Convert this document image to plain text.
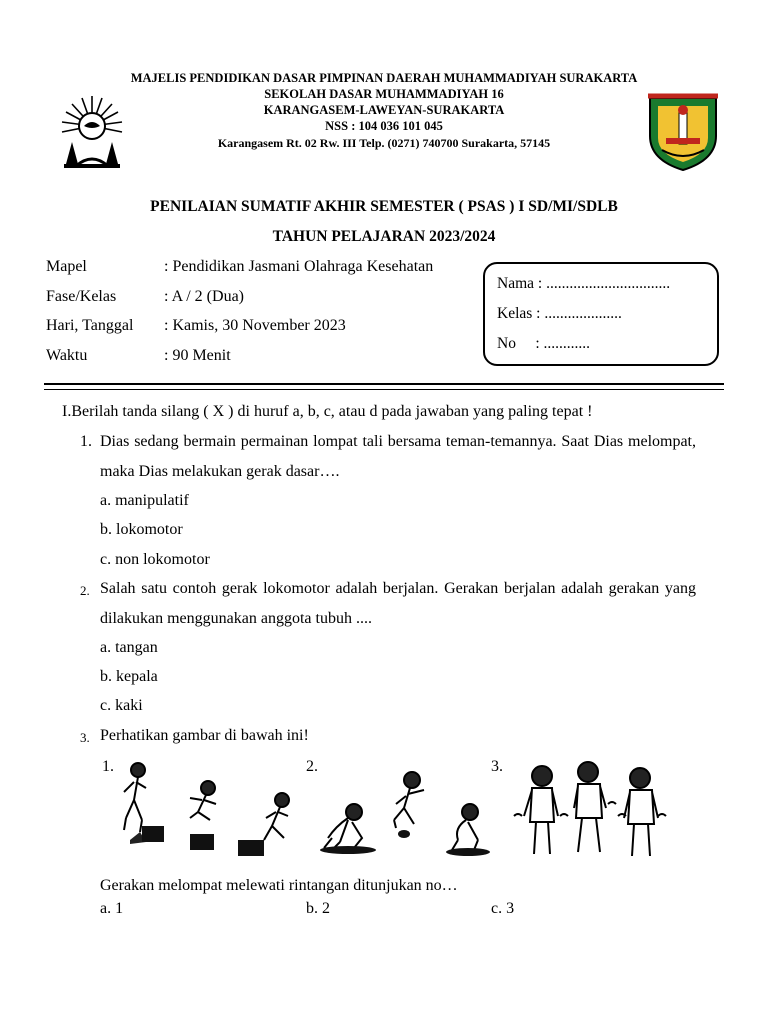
MAJELIS PENDIDIKAN DASAR PIMPINAN DAERAH MUHAMMADIYAH SURAKARTA
SEKOLAH DASAR MUHAMMADIYAH 16
KARANGASEM-LAWEYAN-SURAKARTA
NSS : 104 036 101 045
Karangasem Rt. 02 Rw. III Telp. (0271) 740700 Surakarta, 57145
PENILAIAN SUMATIF AKHIR SEMESTER ( PSAS ) I SD/MI/SDLB
TAHUN PELAJARAN 2023/2024
Mapel	: Pendidikan Jasmani Olahraga Kesehatan
Fase/Kelas	: A / 2 (Dua)
Hari, Tanggal	: Kamis, 30 November 2023
Waktu	: 90 Menit
Nama : ................................
Kelas : ....................
No     : ............
I.Berilah tanda silang ( X ) di huruf a, b, c, atau d pada jawaban yang paling tepat !
1. Dias sedang bermain permainan lompat tali bersama teman-temannya. Saat Dias melompat, maka Dias melakukan gerak dasar….
a. manipulatif
b. lokomotor
c. non lokomotor
2. Salah satu contoh gerak lokomotor adalah berjalan. Gerakan berjalan adalah gerakan yang dilakukan menggunakan anggota tubuh ....
a. tangan
b. kepala
c. kaki
3. Perhatikan gambar di bawah ini!
1.	2.	3.
Gerakan melompat melewati rintangan ditunjukan no…
a. 1	b. 2	c. 3
